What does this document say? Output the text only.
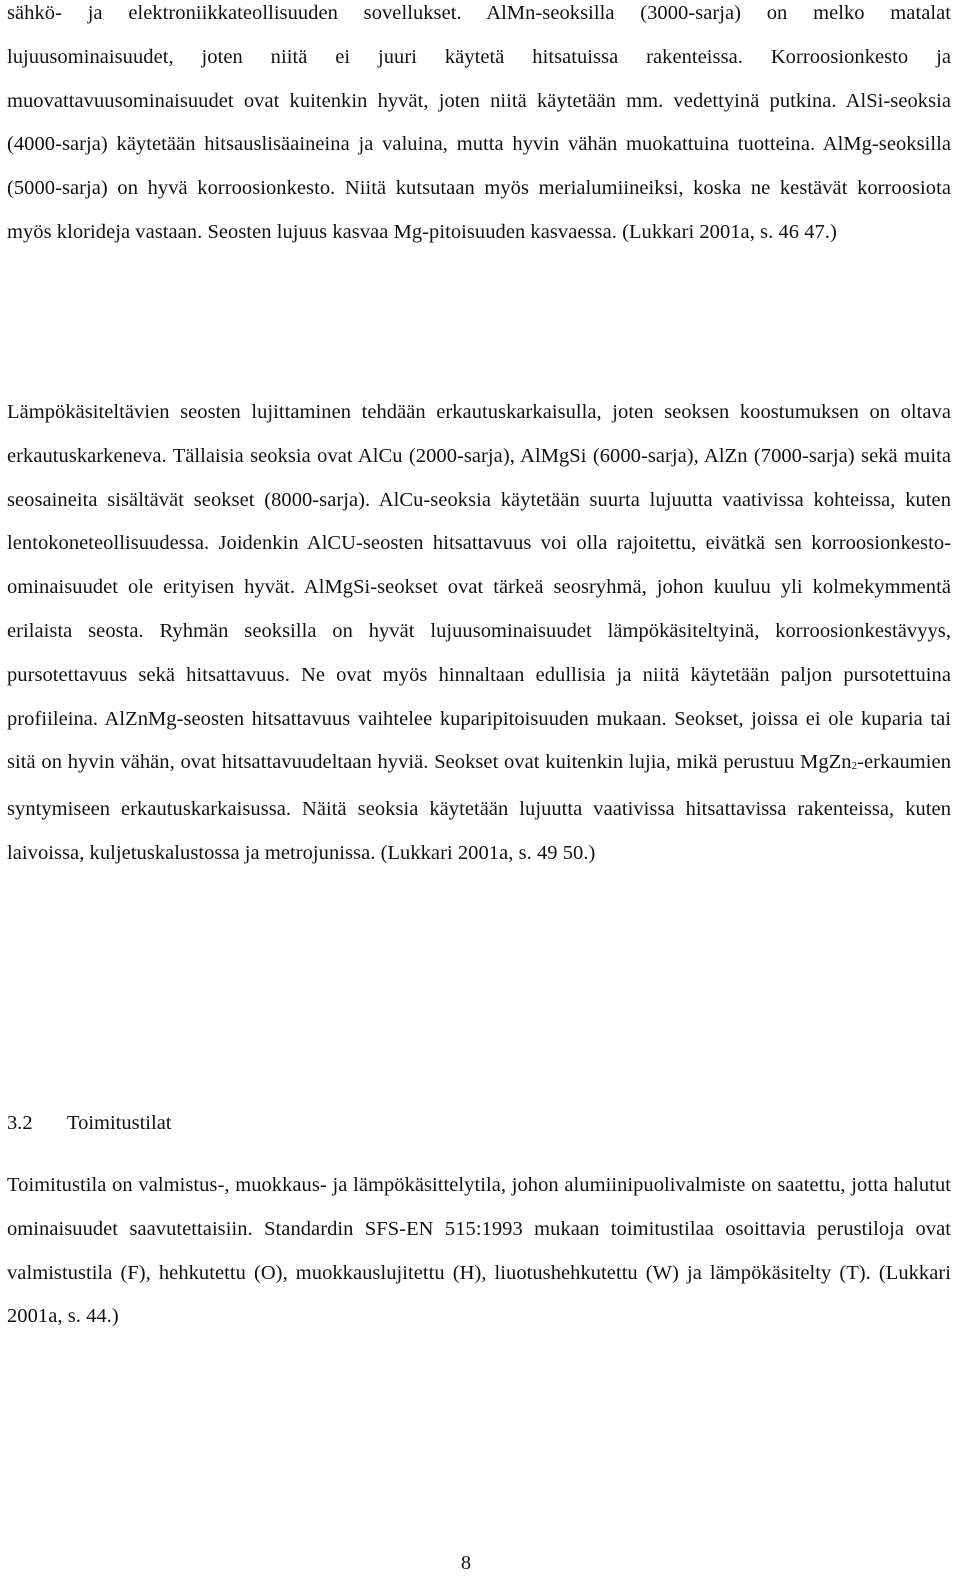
sähkö- ja elektroniikkateollisuuden sovellukset. AlMn-seoksilla (3000-sarja) on melko matalat lujuusominaisuudet, joten niitä ei juuri käytetä hitsatuissa rakenteissa. Korroosionkesto ja muovattavuusominaisuudet ovat kuitenkin hyvät, joten niitä käytetään mm. vedettyinä putkina. AlSi-seoksia (4000-sarja) käytetään hitsauslisäaineina ja valuina, mutta hyvin vähän muokattuina tuotteina. AlMg-seoksilla (5000-sarja) on hyvä korroosionkesto. Niitä kutsutaan myös merialumiineiksi, koska ne kestävät korroosiota myös klorideja vastaan. Seosten lujuus kasvaa Mg-pitoisuuden kasvaessa. (Lukkari 2001a, s. 46 47.)

Lämpökäsiteltävien seosten lujittaminen tehdään erkautuskarkaisulla, joten seoksen koostumuksen on oltava erkautuskarkeneva. Tällaisia seoksia ovat AlCu (2000-sarja), AlMgSi (6000-sarja), AlZn (7000-sarja) sekä muita seosaineita sisältävät seokset (8000-sarja). AlCu-seoksia käytetään suurta lujuutta vaativissa kohteissa, kuten lentokoneteollisuudessa. Joidenkin AlCU-seosten hitsattavuus voi olla rajoitettu, eivätkä sen korroosionkesto-ominaisuudet ole erityisen hyvät. AlMgSi-seokset ovat tärkeä seosryhmä, johon kuuluu yli kolmekymmentä erilaista seosta. Ryhmän seoksilla on hyvät lujuusominaisuudet lämpökäsiteltyinä, korroosionkestävyys, pursotettavuus sekä hitsattavuus. Ne ovat myös hinnaltaan edullisia ja niitä käytetään paljon pursotettuina profiileina. AlZnMg-seosten hitsattavuus vaihtelee kuparipitoisuuden mukaan. Seokset, joissa ei ole kuparia tai sitä on hyvin vähän, ovat hitsattavuudeltaan hyviä. Seokset ovat kuitenkin lujia, mikä perustuu MgZn$_2$-erkaumien syntymiseen erkautuskarkaisussa. Näitä seoksia käytetään lujuutta vaativissa hitsattavissa rakenteissa, kuten laivoissa, kuljetuskalustossa ja metrojunissa. (Lukkari 2001a, s. 49 50.)

3.2 Toimitustilat

Toimitustila on valmistus-, muokkaus- ja lämpökäsittelytila, johon alumiinipuolivalmiste on saatettu, jotta halutut ominaisuudet saavutettaisiin. Standardin SFS-EN 515:1993 mukaan toimitustilaa osoittavia perustiloja ovat valmistustila (F), hehkutettu (O), muokkauslujitettu (H), liuotushehkutettu (W) ja lämpökäsitelty (T). (Lukkari 2001a, s. 44.)

8
